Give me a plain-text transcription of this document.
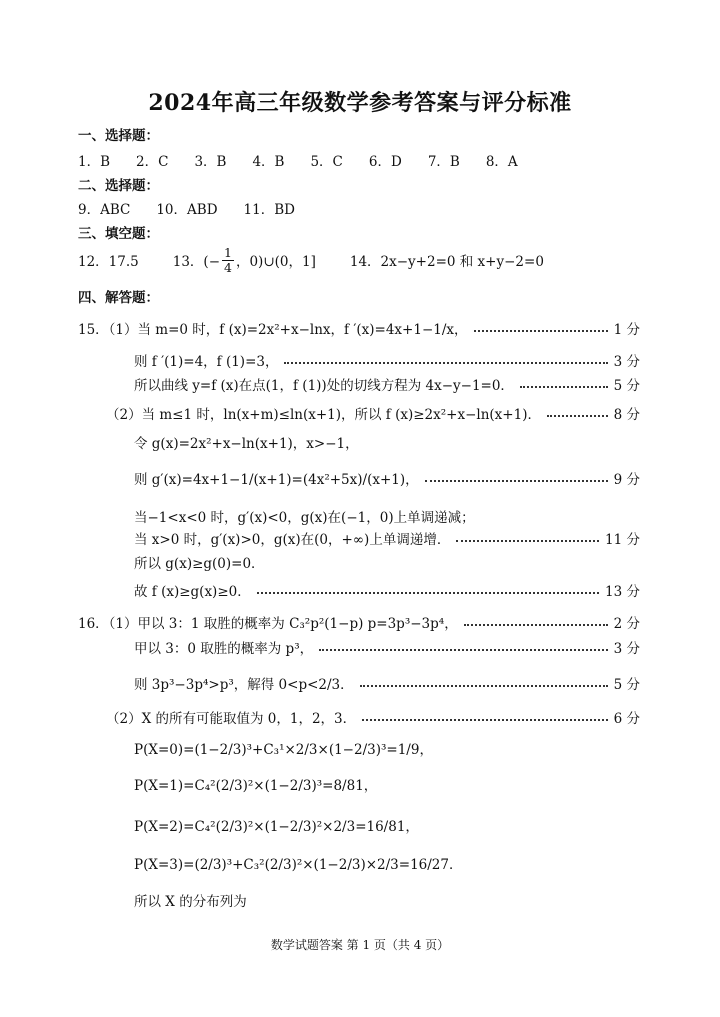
2024年高三年级数学参考答案与评分标准
一、选择题：
1．B 2．C 3．B 4．B 5．C 6．D 7．B 8．A
二、选择题：
9．ABC 10．ABD 11．BD
三、填空题：
12．17.5	13．(− $\frac{1}{4}$ ，0)∪(0，1]	14．2x−y+2=0 和 x+y−2=0
四、解答题：
15．（1）当 m=0 时，f (x)=2x²+x−lnx，f ′(x)=4x+1−1/x，	1 分
则 f ′(1)=4，f (1)=3，	3 分
所以曲线 y=f (x)在点(1，f (1))处的切线方程为 4x−y−1=0．	5 分
（2）当 m≤1 时，ln(x+m)≤ln(x+1)，所以 f (x)≥2x²+x−ln(x+1)．	8 分
令 g(x)=2x²+x−ln(x+1)，x>−1，
则 g′(x)=4x+1−1/(x+1)=(4x²+5x)/(x+1)，	9 分
当−1<x<0 时，g′(x)<0，g(x)在(−1，0)上单调递减；
当 x>0 时，g′(x)>0，g(x)在(0，+∞)上单调递增．	11 分
所以 g(x)≥g(0)=0．
故 f (x)≥g(x)≥0．	13 分
16．（1）甲以 3：1 取胜的概率为 C₃²p²(1−p) p=3p³−3p⁴，	2 分
甲以 3：0 取胜的概率为 p³，	3 分
则 3p³−3p⁴>p³，解得 0<p<2/3．	5 分
（2）X 的所有可能取值为 0，1，2，3．	6 分
P(X=0)=(1−2/3)³+C₃¹×2/3×(1−2/3)³=1/9，
P(X=1)=C₄²(2/3)²×(1−2/3)³=8/81，
P(X=2)=C₄²(2/3)²×(1−2/3)²×2/3=16/81，
P(X=3)=(2/3)³+C₃²(2/3)²×(1−2/3)×2/3=16/27．
所以 X 的分布列为
数学试题答案 第 1 页（共 4 页）
